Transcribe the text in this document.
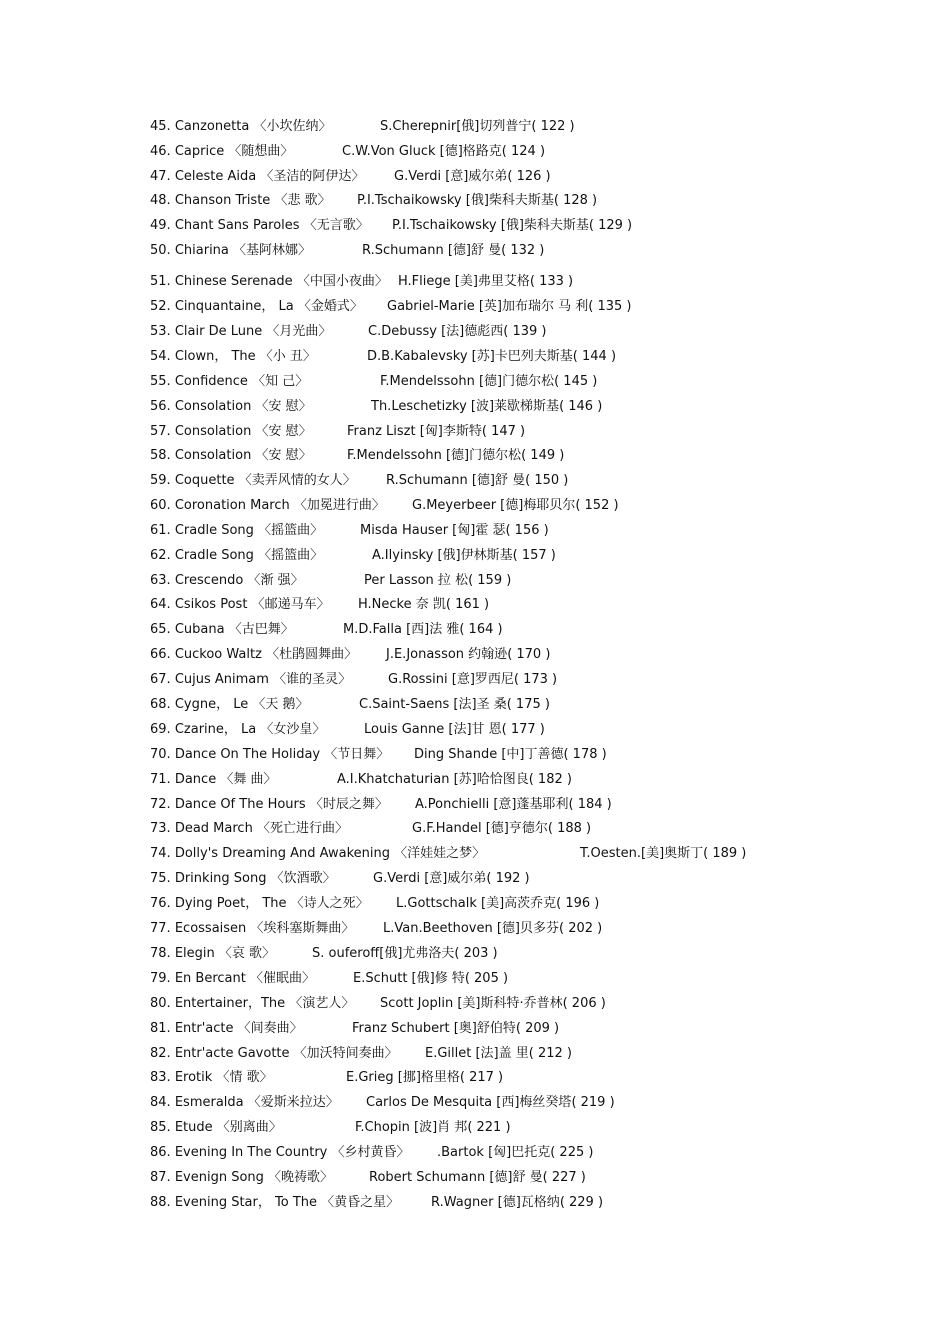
45. Canzonetta 〈小坎佐纳〉	S.Cherepnir[俄]切列普宁( 122 )
46. Caprice 〈随想曲〉	C.W.Von Gluck [德]格路克( 124 )
47. Celeste Aida 〈圣洁的阿伊达〉 G.Verdi [意]威尔弟( 126 )
48. Chanson Triste 〈悲 歌〉 P.I.Tschaikowsky [俄]柴科夫斯基( 128 )
49. Chant Sans Paroles 〈无言歌〉 P.I.Tschaikowsky [俄]柴科夫斯基( 129 )
50. Chiarina 〈基阿林娜〉	R.Schumann [德]舒 曼( 132 )
51. Chinese Serenade 〈中国小夜曲〉 H.Fliege [美]弗里艾格( 133 )
52. Cinquantaine， La 〈金婚式〉 Gabriel-Marie [英]加布瑞尔 马 利( 135 )
53. Clair De Lune 〈月光曲〉	C.Debussy [法]德彪西( 139 )
54. Clown， The 〈小 丑〉	D.B.Kabalevsky [苏]卡巴列夫斯基( 144 )
55. Confidence 〈知 己〉	F.Mendelssohn [德]门德尔松( 145 )
56. Consolation 〈安 慰〉	Th.Leschetizky [波]莱歇梯斯基( 146 )
57. Consolation 〈安 慰〉	Franz Liszt [匈]李斯特( 147 )
58. Consolation 〈安 慰〉	F.Mendelssohn [德]门德尔松( 149 )
59. Coquette 〈卖弄风情的女人〉 R.Schumann [德]舒 曼( 150 )
60. Coronation March 〈加冕进行曲〉 G.Meyerbeer [德]梅耶贝尔( 152 )
61. Cradle Song 〈摇篮曲〉	Misda Hauser [匈]霍 瑟( 156 )
62. Cradle Song 〈摇篮曲〉	A.Ilyinsky [俄]伊林斯基( 157 )
63. Crescendo 〈渐 强〉	Per Lasson 拉 松( 159 )
64. Csikos Post 〈邮递马车〉 H.Necke 奈 凯( 161 )
65. Cubana 〈古巴舞〉	M.D.Falla [西]法 雅( 164 )
66. Cuckoo Waltz 〈杜鹃圆舞曲〉 J.E.Jonasson 约翰逊( 170 )
67. Cujus Animam 〈谁的圣灵〉	G.Rossini [意]罗西尼( 173 )
68. Cygne， Le 〈天 鹅〉	C.Saint-Saens [法]圣 桑( 175 )
69. Czarine， La 〈女沙皇〉	Louis Ganne [法]甘 恩( 177 )
70. Dance On The Holiday 〈节日舞〉 Ding Shande [中]丁善德( 178 )
71. Dance 〈舞 曲〉	A.I.Khatchaturian [苏]哈恰图良( 182 )
72. Dance Of The Hours 〈时辰之舞〉 A.Ponchielli [意]蓬基耶利( 184 )
73. Dead March 〈死亡进行曲〉	G.F.Handel [德]亨德尔( 188 )
74. Dolly's Dreaming And Awakening 〈洋娃娃之梦〉	T.Oesten.[美]奥斯丁( 189 )
75. Drinking Song 〈饮酒歌〉	G.Verdi [意]威尔弟( 192 )
76. Dying Poet， The 〈诗人之死〉 L.Gottschalk [美]高茨乔克( 196 )
77. Ecossaisen 〈埃科塞斯舞曲〉 L.Van.Beethoven [德]贝多芬( 202 )
78. Elegin 〈哀 歌〉	S. ouferoff[俄]尤弗洛夫( 203 )
79. En Bercant 〈催眠曲〉	E.Schutt [俄]修 特( 205 )
80. Entertainer，The 〈演艺人〉 Scott Joplin [美]斯科特·乔普林( 206 )
81. Entr'acte 〈间奏曲〉	Franz Schubert [奥]舒伯特( 209 )
82. Entr'acte Gavotte 〈加沃特间奏曲〉 E.Gillet [法]盖 里( 212 )
83. Erotik 〈情 歌〉	E.Grieg [挪]格里格( 217 )
84. Esmeralda 〈爱斯米拉达〉 Carlos De Mesquita [西]梅丝癸塔( 219 )
85. Etude 〈别离曲〉	F.Chopin [波]肖 邦( 221 )
86. Evening In The Country 〈乡村黄昏〉 .Bartok [匈]巴托克( 225 )
87. Evenign Song 〈晚祷歌〉	Robert Schumann [德]舒 曼( 227 )
88. Evening Star， To The 〈黄昏之星〉 R.Wagner [德]瓦格纳( 229 )
